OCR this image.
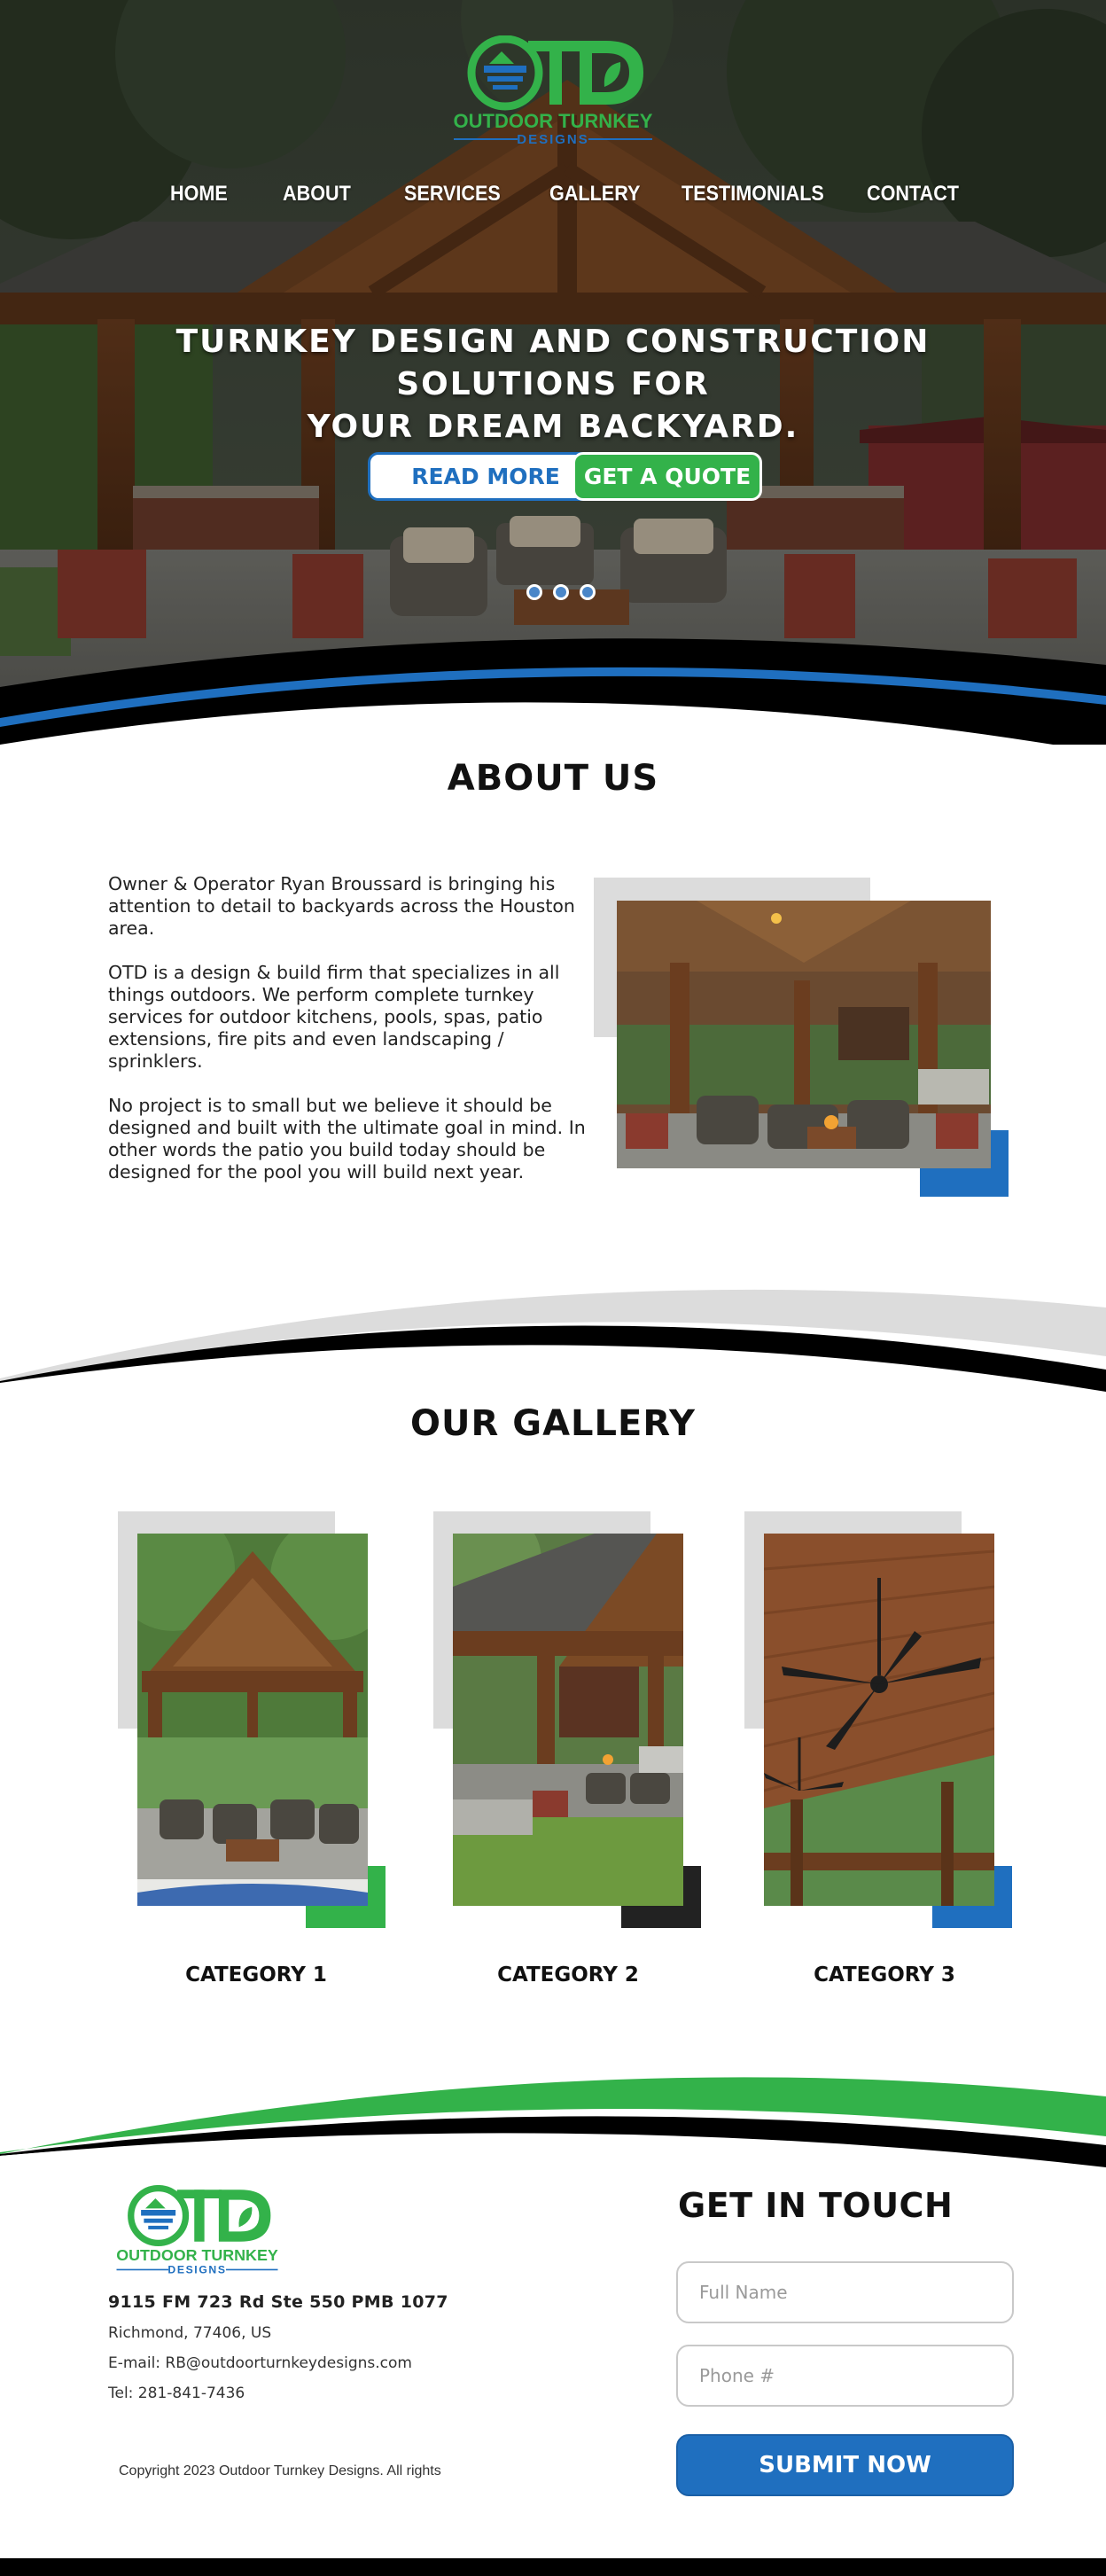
OUTDOOR TURNKEY
DESIGNS
HOME	ABOUT	SERVICES GALLERY TESTIMONIALS CONTACT
TURNKEY DESIGN AND CONSTRUCTION SOLUTIONS FOR
YOUR DREAM BACKYARD.
READ MORE	GET A QUOTE
ABOUT US

Owner & Operator Ryan Broussard is bringing his attention to detail to backyards across the Houston area.

OTD is a design & build firm that specializes in all things outdoors. We perform complete turnkey services for outdoor kitchens, pools, spas, patio extensions, fire pits and even landscaping / sprinklers.

No project is to small but we believe it should be designed and built with the ultimate goal in mind. In other words the patio you build today should be designed for the pool you will build next year.

OUR GALLERY
CATEGORY 1	CATEGORY 2	CATEGORY 3
OUTDOOR TURNKEY
DESIGNS
9115 FM 723 Rd Ste 550 PMB 1077
Richmond, 77406, US
E-mail: RB@outdoorturnkeydesigns.com
Tel: 281-841-7436
Copyright 2023 Outdoor Turnkey Designs. All rights
GET IN TOUCH
Full Name
Phone #
SUBMIT NOW
